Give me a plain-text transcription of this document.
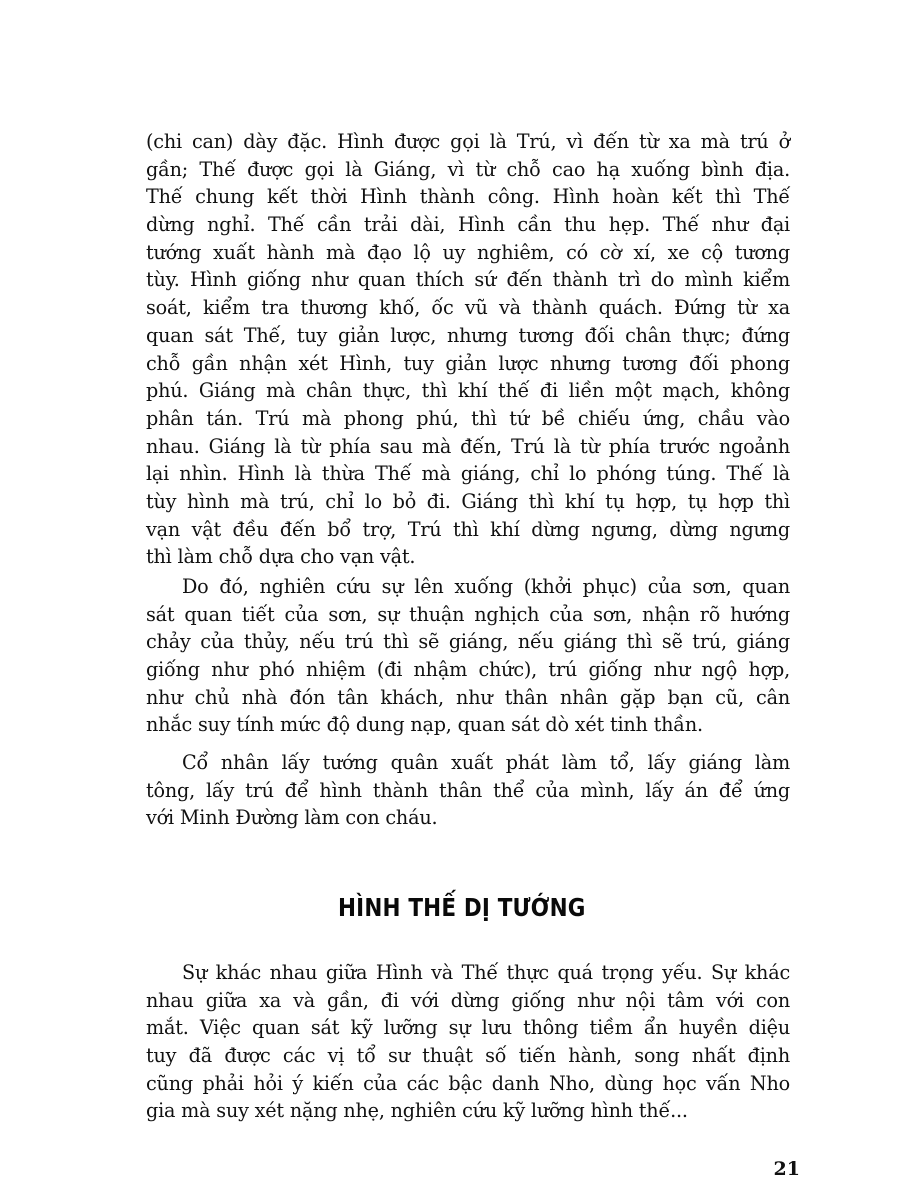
(chi can) dày đặc. Hình được gọi là Trú, vì đến từ xa mà trú ở
gần; Thế được gọi là Giáng, vì từ chỗ cao hạ xuống bình địa.
Thế chung kết thời Hình thành công. Hình hoàn kết thì Thế
dừng nghỉ. Thế cần trải dài, Hình cần thu hẹp. Thế như đại
tướng xuất hành mà đạo lộ uy nghiêm, có cờ xí, xe cộ tương
tùy. Hình giống như quan thích sứ đến thành trì do mình kiểm
soát, kiểm tra thương khố, ốc vũ và thành quách. Đứng từ xa
quan sát Thế, tuy giản lược, nhưng tương đối chân thực; đứng
chỗ gần nhận xét Hình, tuy giản lược nhưng tương đối phong
phú. Giáng mà chân thực, thì khí thế đi liền một mạch, không
phân tán. Trú mà phong phú, thì tứ bề chiếu ứng, chầu vào
nhau. Giáng là từ phía sau mà đến, Trú là từ phía trước ngoảnh
lại nhìn. Hình là thừa Thế mà giáng, chỉ lo phóng túng. Thế là
tùy hình mà trú, chỉ lo bỏ đi. Giáng thì khí tụ hợp, tụ hợp thì
vạn vật đều đến bổ trợ, Trú thì khí dừng ngưng, dừng ngưng
thì làm chỗ dựa cho vạn vật.
Do đó, nghiên cứu sự lên xuống (khởi phục) của sơn, quan
sát quan tiết của sơn, sự thuận nghịch của sơn, nhận rõ hướng
chảy của thủy, nếu trú thì sẽ giáng, nếu giáng thì sẽ trú, giáng
giống như phó nhiệm (đi nhậm chức), trú giống như ngộ hợp,
như chủ nhà đón tân khách, như thân nhân gặp bạn cũ, cân
nhắc suy tính mức độ dung nạp, quan sát dò xét tinh thần.
Cổ nhân lấy tướng quân xuất phát làm tổ, lấy giáng làm
tông, lấy trú để hình thành thân thể của mình, lấy án để ứng
với Minh Đường làm con cháu.
HÌNH THẾ DỊ TƯỚNG
Sự khác nhau giữa Hình và Thế thực quá trọng yếu. Sự khác
nhau giữa xa và gần, đi với dừng giống như nội tâm với con
mắt. Việc quan sát kỹ lưỡng sự lưu thông tiềm ẩn huyền diệu
tuy đã được các vị tổ sư thuật số tiến hành, song nhất định
cũng phải hỏi ý kiến của các bậc danh Nho, dùng học vấn Nho
gia mà suy xét nặng nhẹ, nghiên cứu kỹ lưỡng hình thế...
21
